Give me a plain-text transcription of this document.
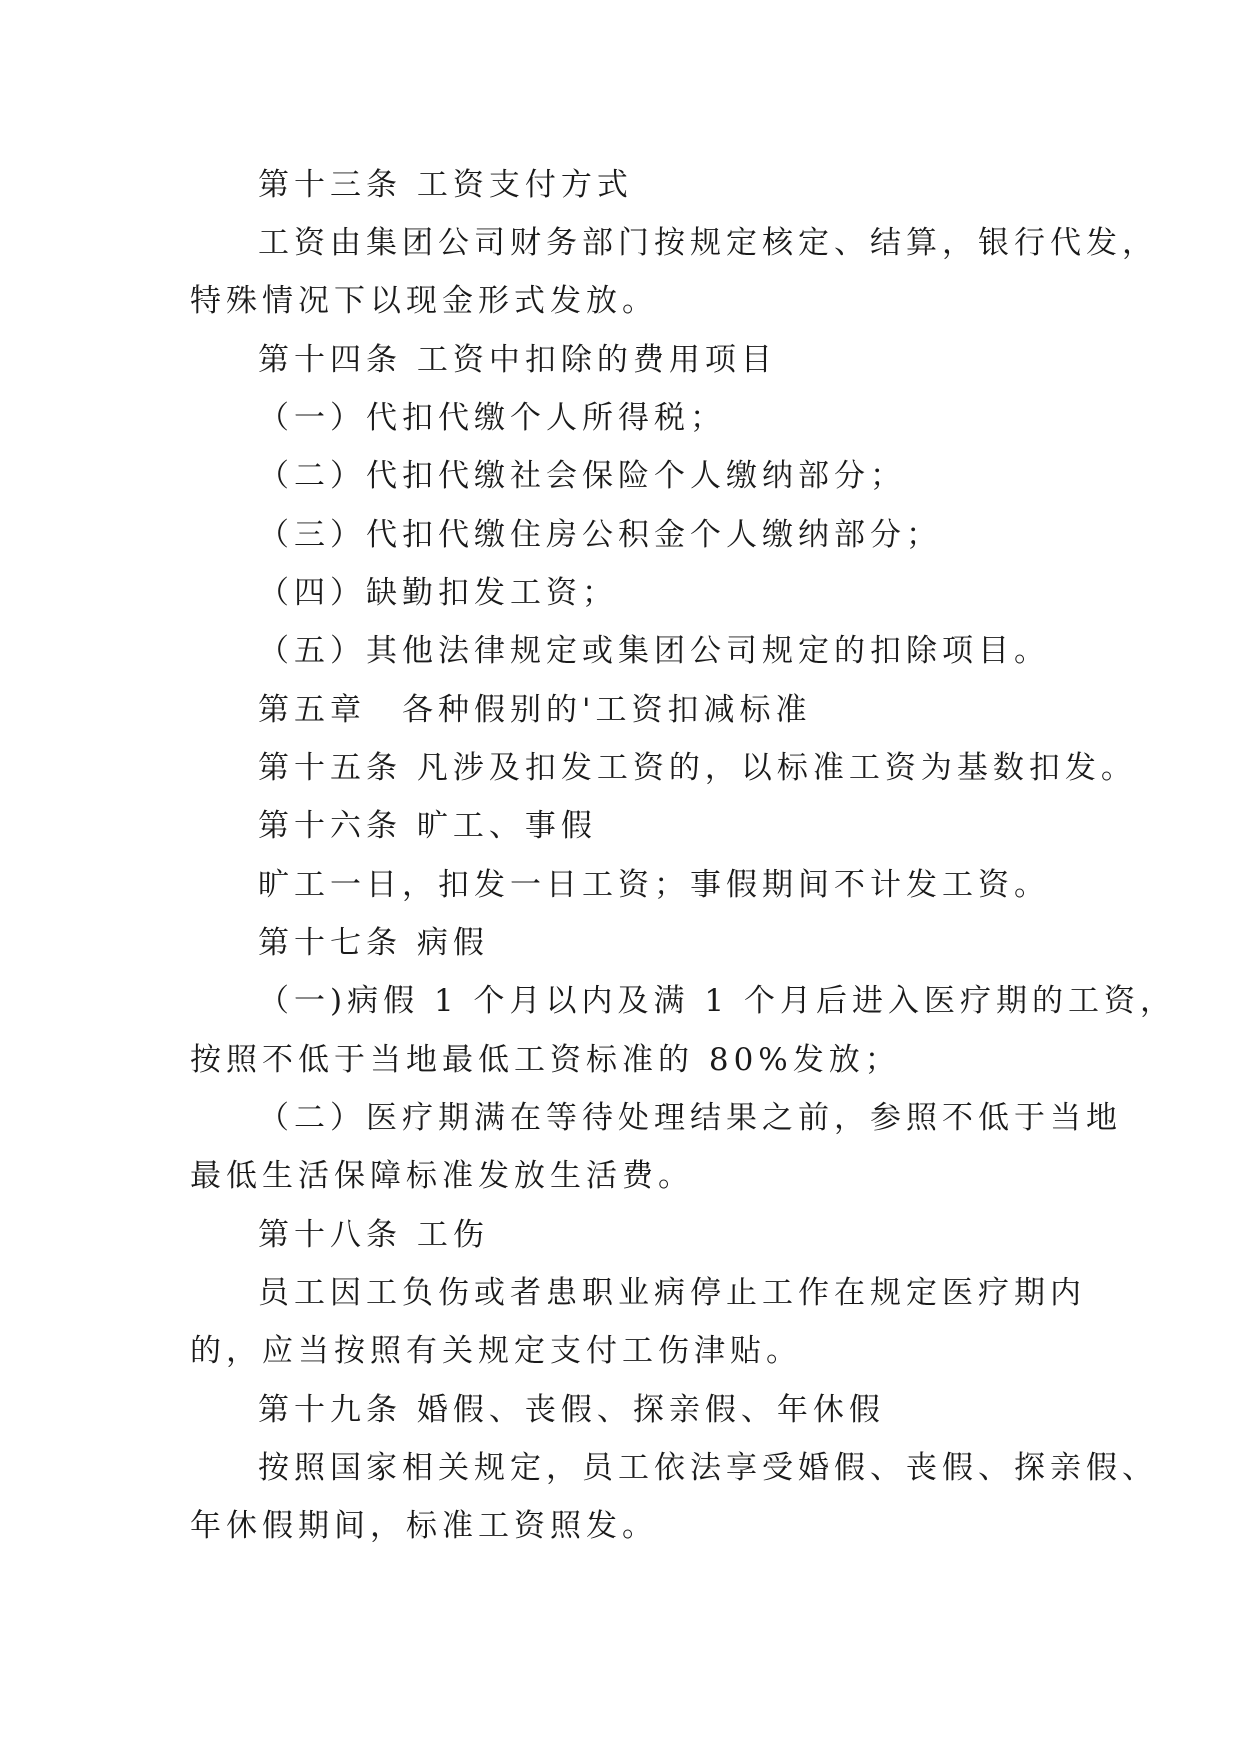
第十三条 工资支付方式
工资由集团公司财务部门按规定核定、结算，银行代发，
特殊情况下以现金形式发放。
第十四条 工资中扣除的费用项目
（一）代扣代缴个人所得税；
（二）代扣代缴社会保险个人缴纳部分；
（三）代扣代缴住房公积金个人缴纳部分；
（四）缺勤扣发工资；
（五）其他法律规定或集团公司规定的扣除项目。
第五章　各种假别的'工资扣减标准
第十五条 凡涉及扣发工资的，以标准工资为基数扣发。
第十六条 旷工、事假
旷工一日，扣发一日工资；事假期间不计发工资。
第十七条 病假
（一)病假 1 个月以内及满 1 个月后进入医疗期的工资，
按照不低于当地最低工资标准的 80%发放；
（二）医疗期满在等待处理结果之前，参照不低于当地
最低生活保障标准发放生活费。
第十八条 工伤
员工因工负伤或者患职业病停止工作在规定医疗期内
的，应当按照有关规定支付工伤津贴。
第十九条 婚假、丧假、探亲假、年休假
按照国家相关规定，员工依法享受婚假、丧假、探亲假、
年休假期间，标准工资照发。
